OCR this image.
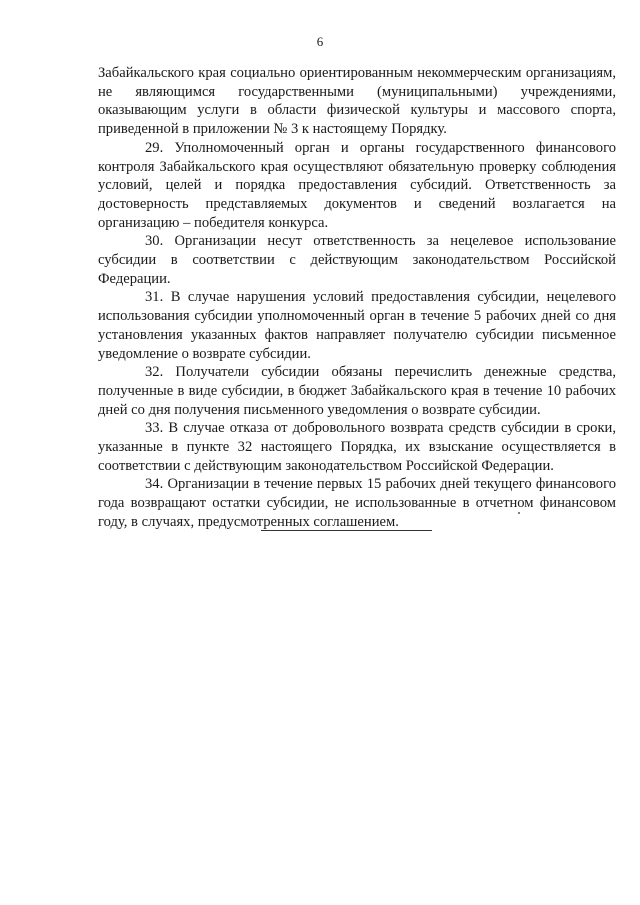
6

Забайкальского края социально ориентированным некоммерческим организациям, не являющимся государственными (муниципальными) учреждениями, оказывающим услуги в области физической культуры и массового спорта, приведенной в приложении № 3 к настоящему Порядку.

29. Уполномоченный орган и органы государственного финансового контроля Забайкальского края осуществляют обязательную проверку соблюдения условий, целей и порядка предоставления субсидий. Ответственность за достоверность представляемых документов и сведений возлагается на организацию – победителя конкурса.

30. Организации несут ответственность за нецелевое использование субсидии в соответствии с действующим законодательством Российской Федерации.

31. В случае нарушения условий предоставления субсидии, нецелевого использования субсидии уполномоченный орган в течение 5 рабочих дней со дня установления указанных фактов направляет получателю субсидии письменное уведомление о возврате субсидии.

32. Получатели субсидии обязаны перечислить денежные средства, полученные в виде субсидии, в бюджет Забайкальского края в течение 10 рабочих дней со дня получения письменного уведомления о возврате субсидии.

33. В случае отказа от добровольного возврата средств субсидии в сроки, указанные в пункте 32 настоящего Порядка, их взыскание осуществляется в соответствии с действующим законодательством Российской Федерации.

34. Организации в течение первых 15 рабочих дней текущего финансового года возвращают остатки субсидии, не использованные в отчетном финансовом году, в случаях, предусмотренных соглашением.
